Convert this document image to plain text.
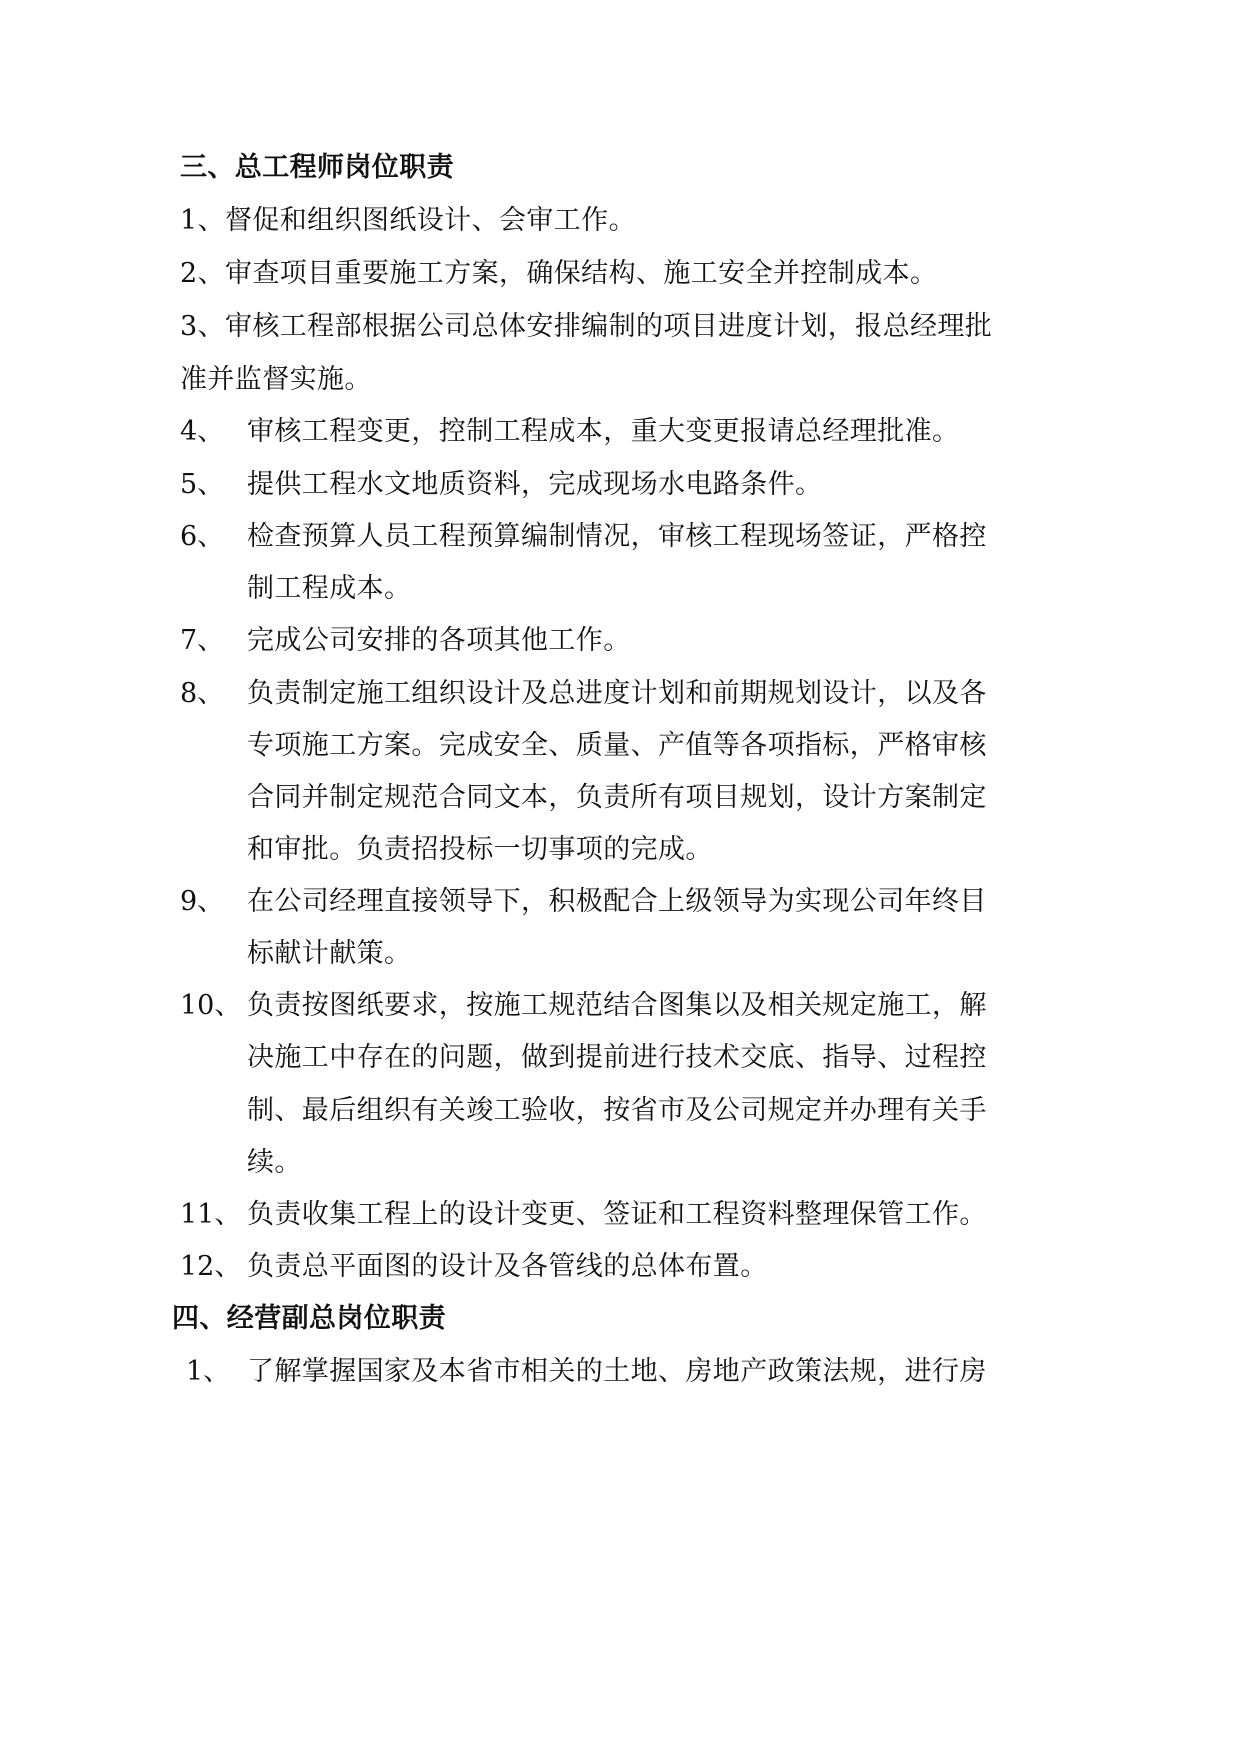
三、总工程师岗位职责
1、督促和组织图纸设计、会审工作。
2、审查项目重要施工方案，确保结构、施工安全并控制成本。
3、审核工程部根据公司总体安排编制的项目进度计划，报总经理批
准并监督实施。
4、 审核工程变更，控制工程成本，重大变更报请总经理批准。
5、 提供工程水文地质资料，完成现场水电路条件。
6、 检查预算人员工程预算编制情况，审核工程现场签证，严格控
制工程成本。
7、 完成公司安排的各项其他工作。
8、 负责制定施工组织设计及总进度计划和前期规划设计，以及各
专项施工方案。完成安全、质量、产值等各项指标，严格审核
合同并制定规范合同文本，负责所有项目规划，设计方案制定
和审批。负责招投标一切事项的完成。
9、 在公司经理直接领导下，积极配合上级领导为实现公司年终目
标献计献策。
10、 负责按图纸要求，按施工规范结合图集以及相关规定施工，解
决施工中存在的问题，做到提前进行技术交底、指导、过程控
制、最后组织有关竣工验收，按省市及公司规定并办理有关手
续。
11、 负责收集工程上的设计变更、签证和工程资料整理保管工作。
12、 负责总平面图的设计及各管线的总体布置。
四、经营副总岗位职责
1、 了解掌握国家及本省市相关的土地、房地产政策法规，进行房
